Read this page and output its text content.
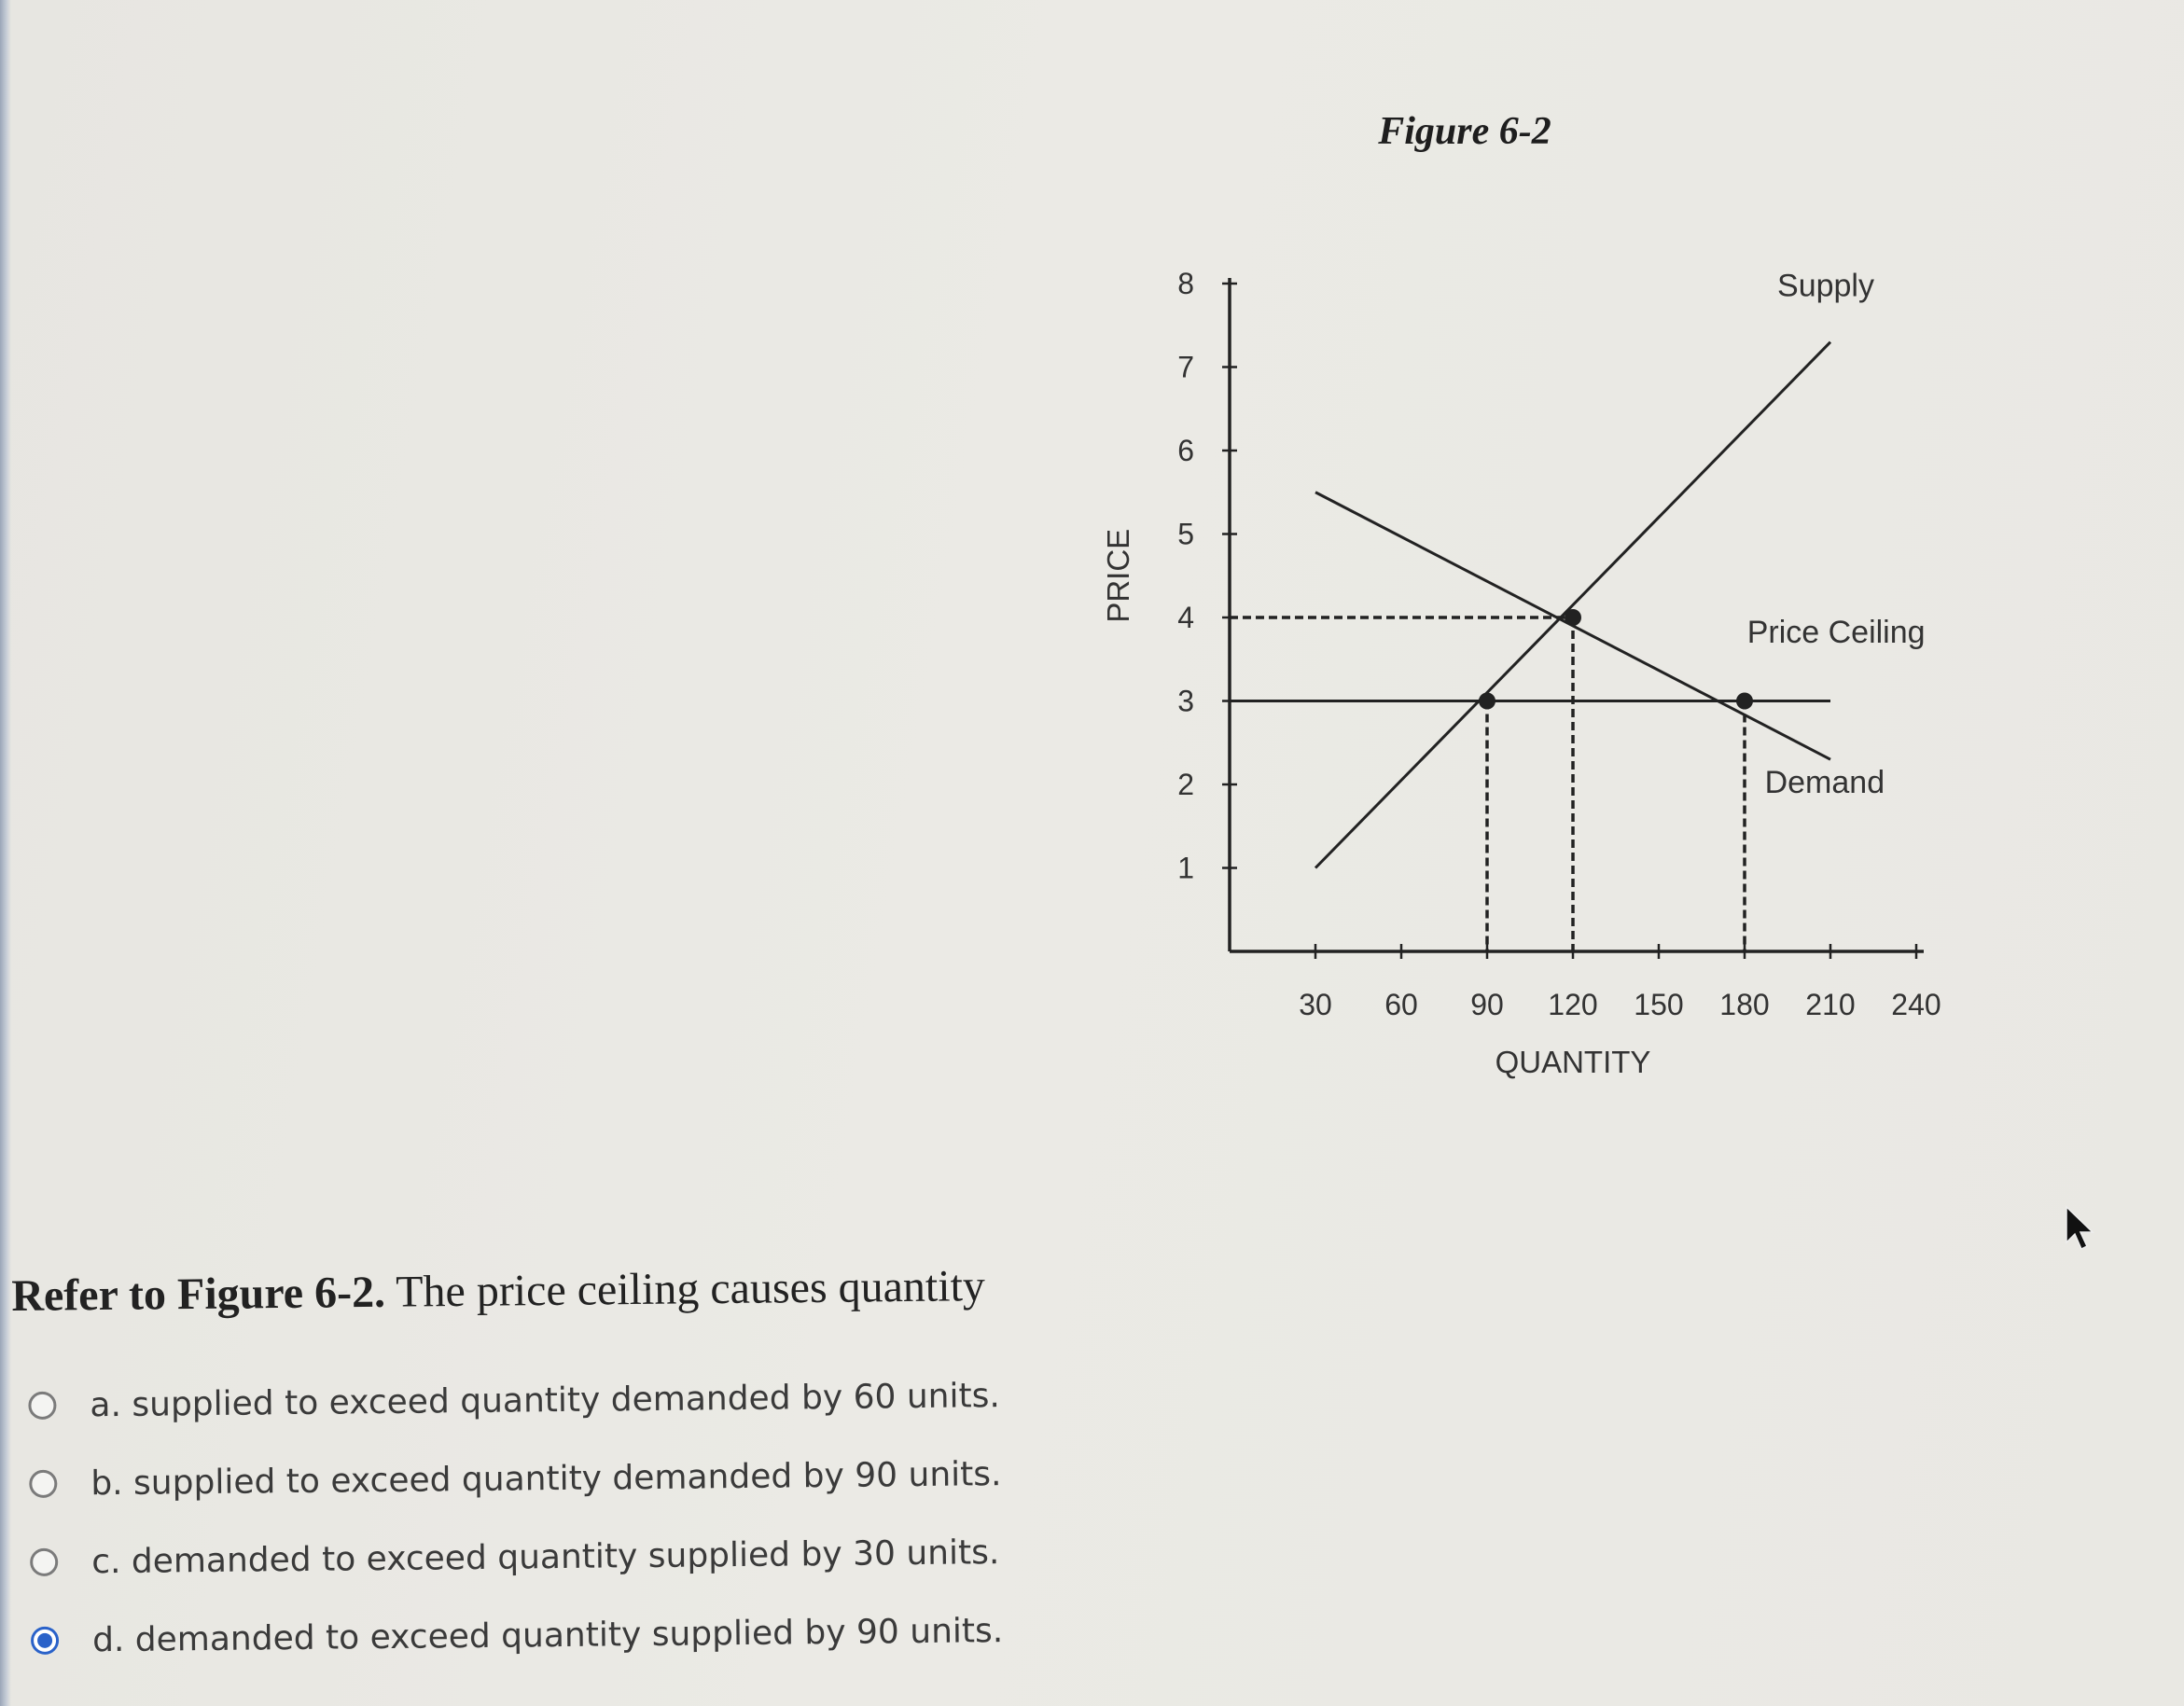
Figure 6-2
1
2
3
4
5
6
7
8
30 60 90 120 150 180 210 240
PRICE
QUANTITY
Supply
Price Ceiling
Demand
Refer to Figure 6-2. The price ceiling causes quantity
a. supplied to exceed quantity demanded by 60 units.
b. supplied to exceed quantity demanded by 90 units.
c. demanded to exceed quantity supplied by 30 units.
d. demanded to exceed quantity supplied by 90 units.
